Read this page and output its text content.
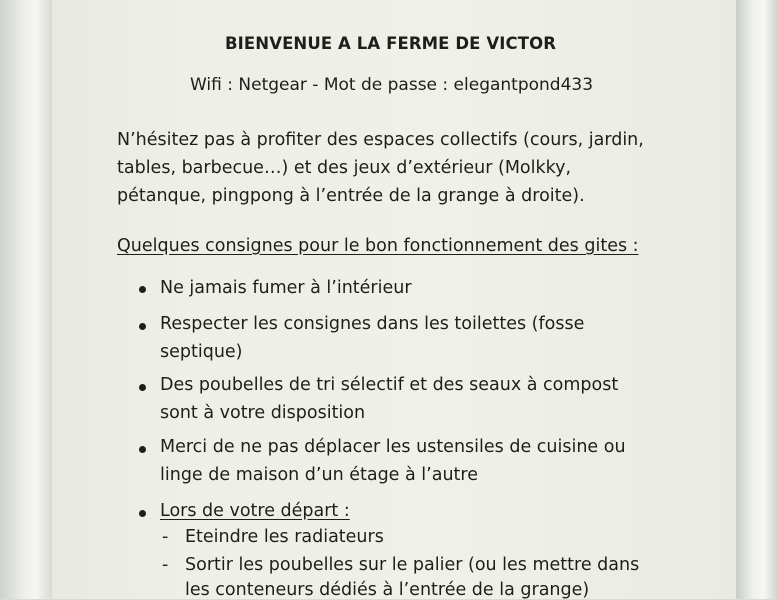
BIENVENUE A LA FERME DE VICTOR
Wifi : Netgear - Mot de passe : elegantpond433
N’hésitez pas à profiter des espaces collectifs (cours, jardin,
tables, barbecue…) et des jeux d’extérieur (Molkky,
pétanque, pingpong à l’entrée de la grange à droite).
Quelques consignes pour le bon fonctionnement des gites :
Ne jamais fumer à l’intérieur
Respecter les consignes dans les toilettes (fosse
septique)
Des poubelles de tri sélectif et des seaux à compost
sont à votre disposition
Merci de ne pas déplacer les ustensiles de cuisine ou
linge de maison d’un étage à l’autre
Lors de votre départ :
- Eteindre les radiateurs
- Sortir les poubelles sur le palier (ou les mettre dans
les conteneurs dédiés à l’entrée de la grange)
